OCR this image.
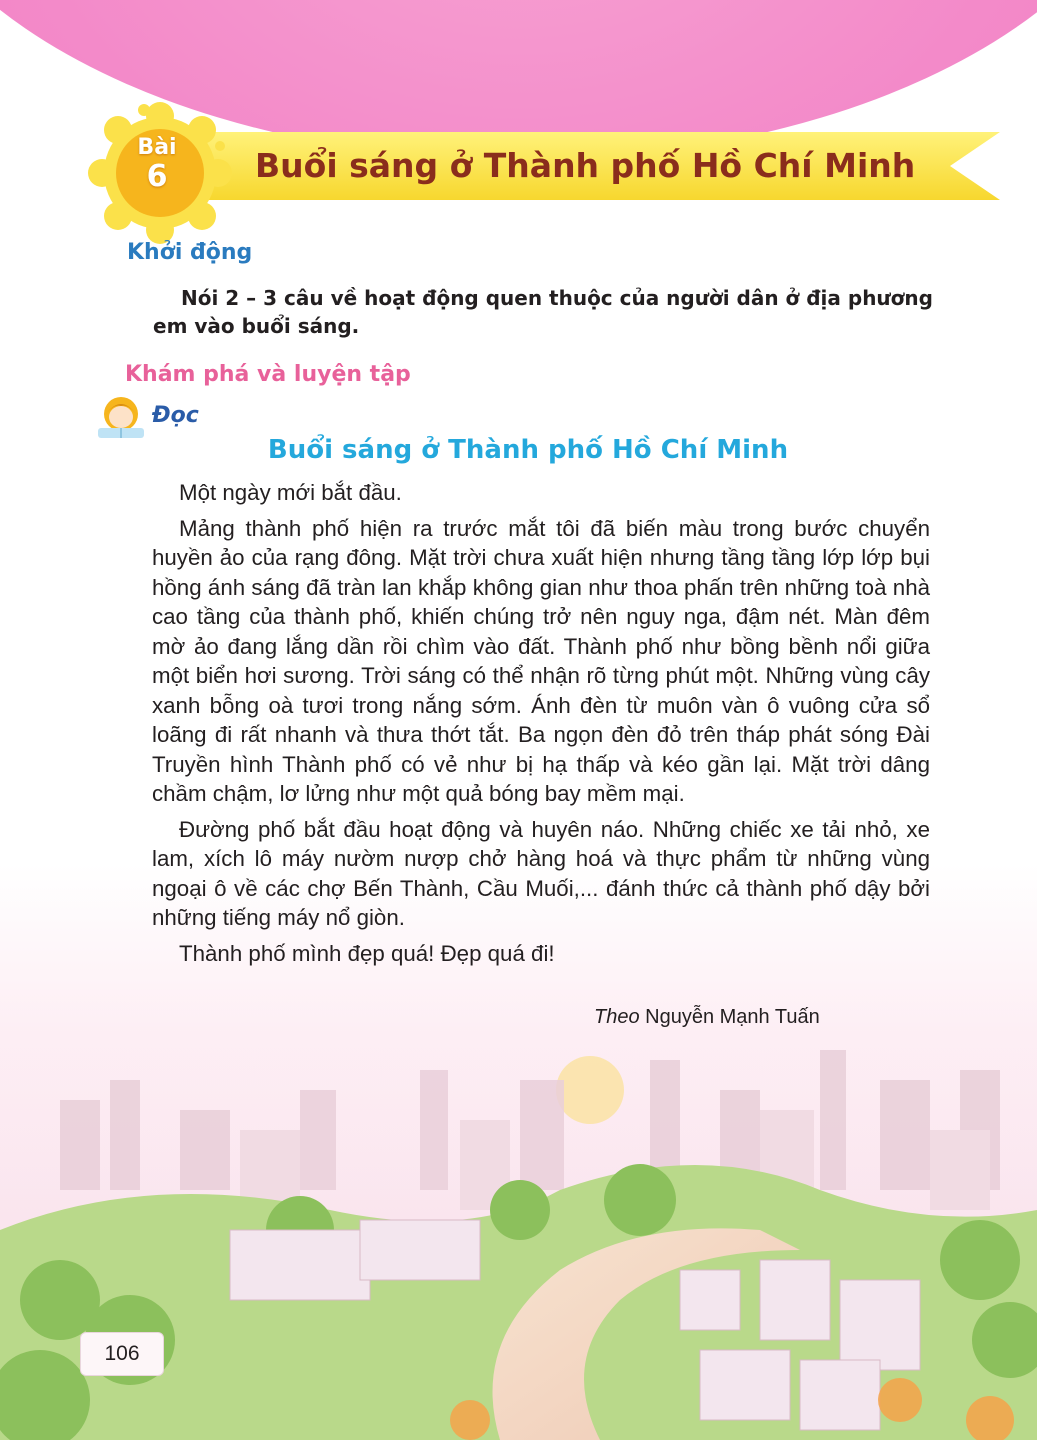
Buổi sáng ở Thành phố Hồ Chí Minh
Bài
6
Khởi động
Nói 2 – 3 câu về hoạt động quen thuộc của người dân ở địa phương
em vào buổi sáng.
Khám phá và luyện tập
Đọc
Buổi sáng ở Thành phố Hồ Chí Minh

Một ngày mới bắt đầu.

Mảng thành phố hiện ra trước mắt tôi đã biến màu trong bước chuyển huyền ảo của rạng đông. Mặt trời chưa xuất hiện nhưng tầng tầng lớp lớp bụi hồng ánh sáng đã tràn lan khắp không gian như thoa phấn trên những toà nhà cao tầng của thành phố, khiến chúng trở nên nguy nga, đậm nét. Màn đêm mờ ảo đang lắng dần rồi chìm vào đất. Thành phố như bồng bềnh nổi giữa một biển hơi sương. Trời sáng có thể nhận rõ từng phút một. Những vùng cây xanh bỗng oà tươi trong nắng sớm. Ánh đèn từ muôn vàn ô vuông cửa sổ loãng đi rất nhanh và thưa thớt tắt. Ba ngọn đèn đỏ trên tháp phát sóng Đài Truyền hình Thành phố có vẻ như bị hạ thấp và kéo gần lại. Mặt trời dâng chầm chậm, lơ lửng như một quả bóng bay mềm mại.

Đường phố bắt đầu hoạt động và huyên náo. Những chiếc xe tải nhỏ, xe lam, xích lô máy nườm nượp chở hàng hoá và thực phẩm từ những vùng ngoại ô về các chợ Bến Thành, Cầu Muối,... đánh thức cả thành phố dậy bởi những tiếng máy nổ giòn.

Thành phố mình đẹp quá! Đẹp quá đi!

Theo Nguyễn Mạnh Tuấn
106
